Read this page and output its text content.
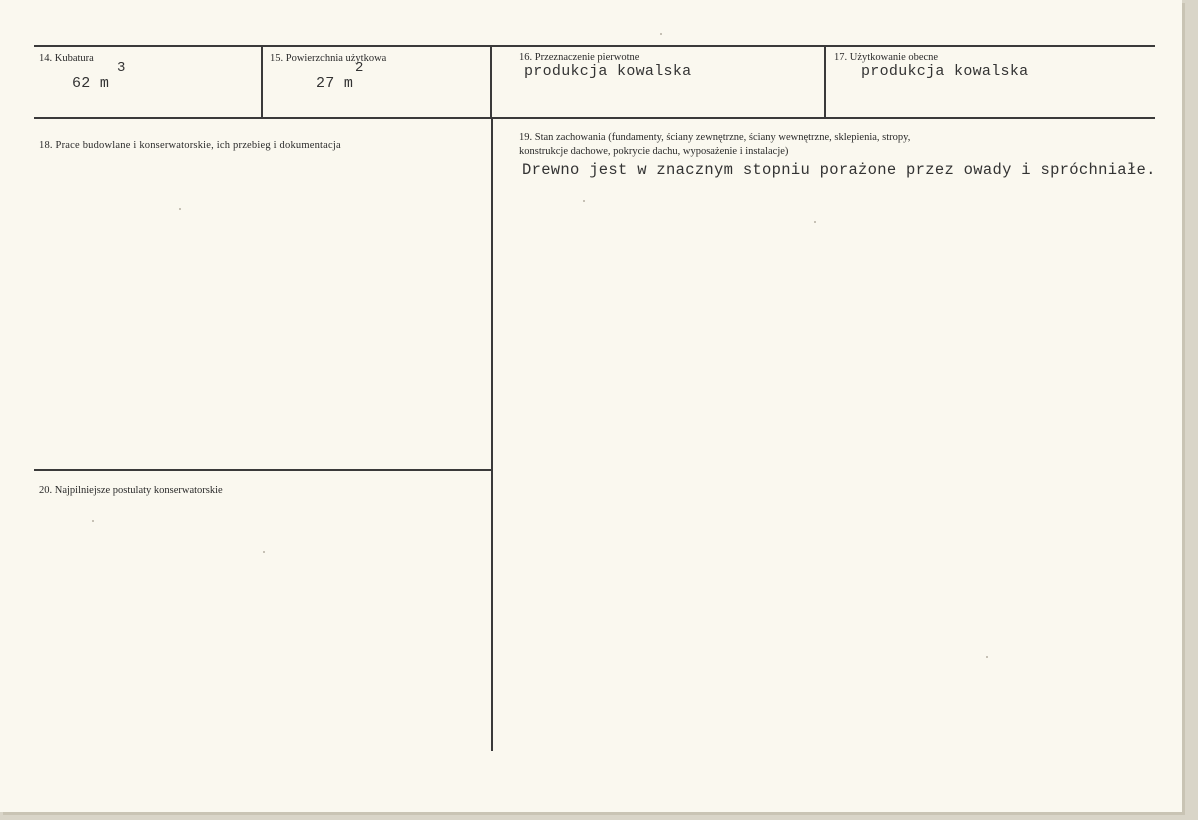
14. Kubatura
62 m
3
15. Powierzchnia użytkowa
27 m
2
16. Przeznaczenie pierwotne
produkcja kowalska
17. Użytkowanie obecne
produkcja kowalska
18. Prace budowlane i konserwatorskie, ich przebieg i dokumentacja
19. Stan zachowania (fundamenty, ściany zewnętrzne, ściany wewnętrzne, sklepienia, stropy,
konstrukcje dachowe, pokrycie dachu, wyposażenie i instalacje)
Drewno jest w znacznym stopniu porażone przez owady i spróchniałe.
20. Najpilniejsze postulaty konserwatorskie
